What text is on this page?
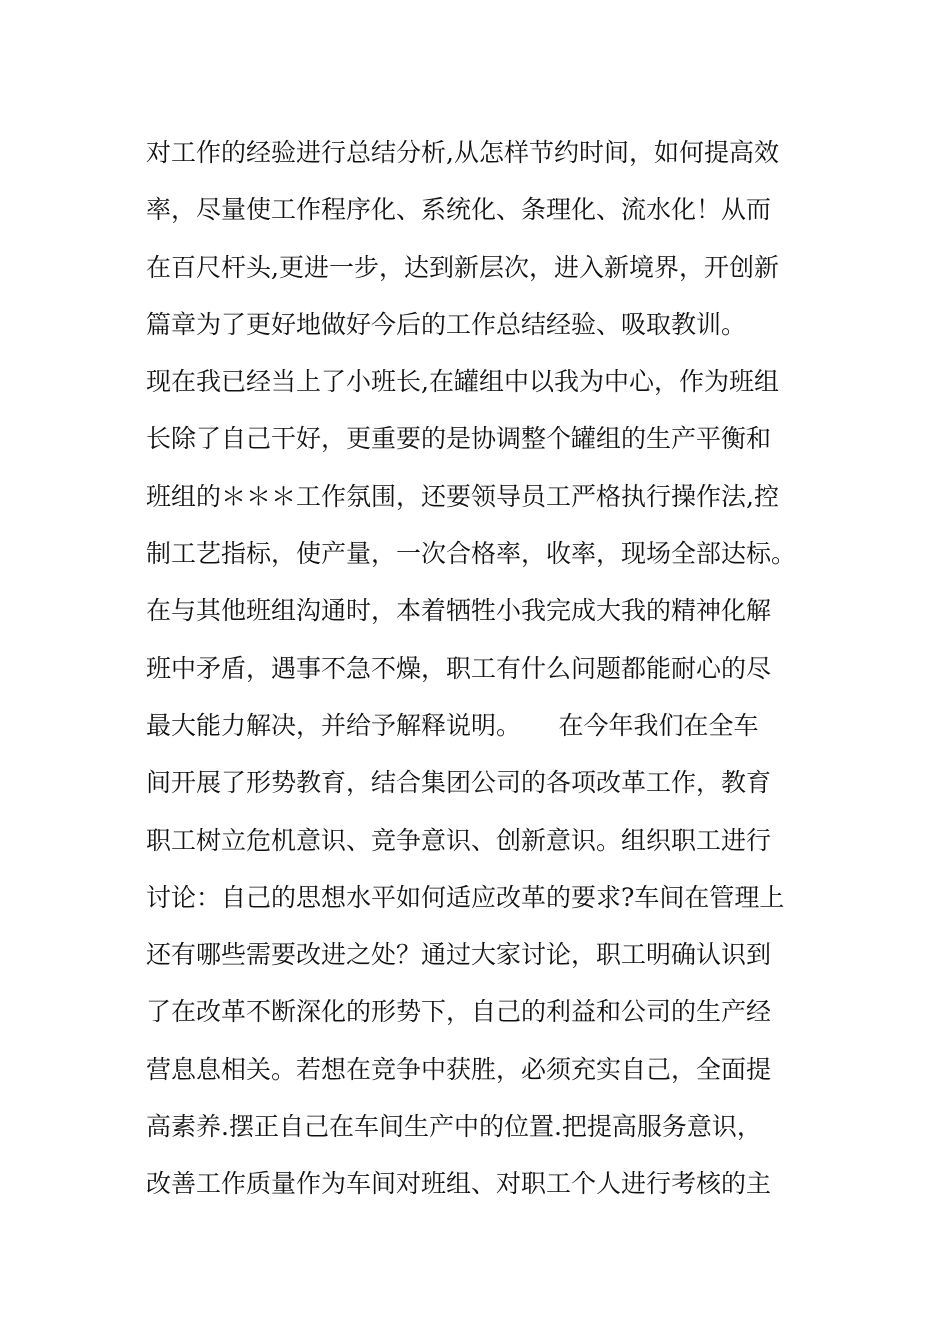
对工作的经验进行总结分析,从怎样节约时间，如何提高效
率，尽量使工作程序化、系统化、条理化、流水化！从而
在百尺杆头,更进一步，达到新层次，进入新境界，开创新
篇章为了更好地做好今后的工作总结经验、吸取教训。
现在我已经当上了小班长,在罐组中以我为中心，作为班组
长除了自己干好，更重要的是协调整个罐组的生产平衡和
班组的＊＊＊工作氛围，还要领导员工严格执行操作法,控
制工艺指标，使产量，一次合格率，收率，现场全部达标。
在与其他班组沟通时，本着牺牲小我完成大我的精神化解
班中矛盾，遇事不急不燥，职工有什么问题都能耐心的尽
最大能力解决，并给予解释说明。　　在今年我们在全车
间开展了形势教育，结合集团公司的各项改革工作，教育
职工树立危机意识、竞争意识、创新意识。组织职工进行
讨论：自己的思想水平如何适应改革的要求?车间在管理上
还有哪些需要改进之处？通过大家讨论，职工明确认识到
了在改革不断深化的形势下，自己的利益和公司的生产经
营息息相关。若想在竞争中获胜，必须充实自己，全面提
高素养.摆正自己在车间生产中的位置.把提高服务意识，
改善工作质量作为车间对班组、对职工个人进行考核的主
